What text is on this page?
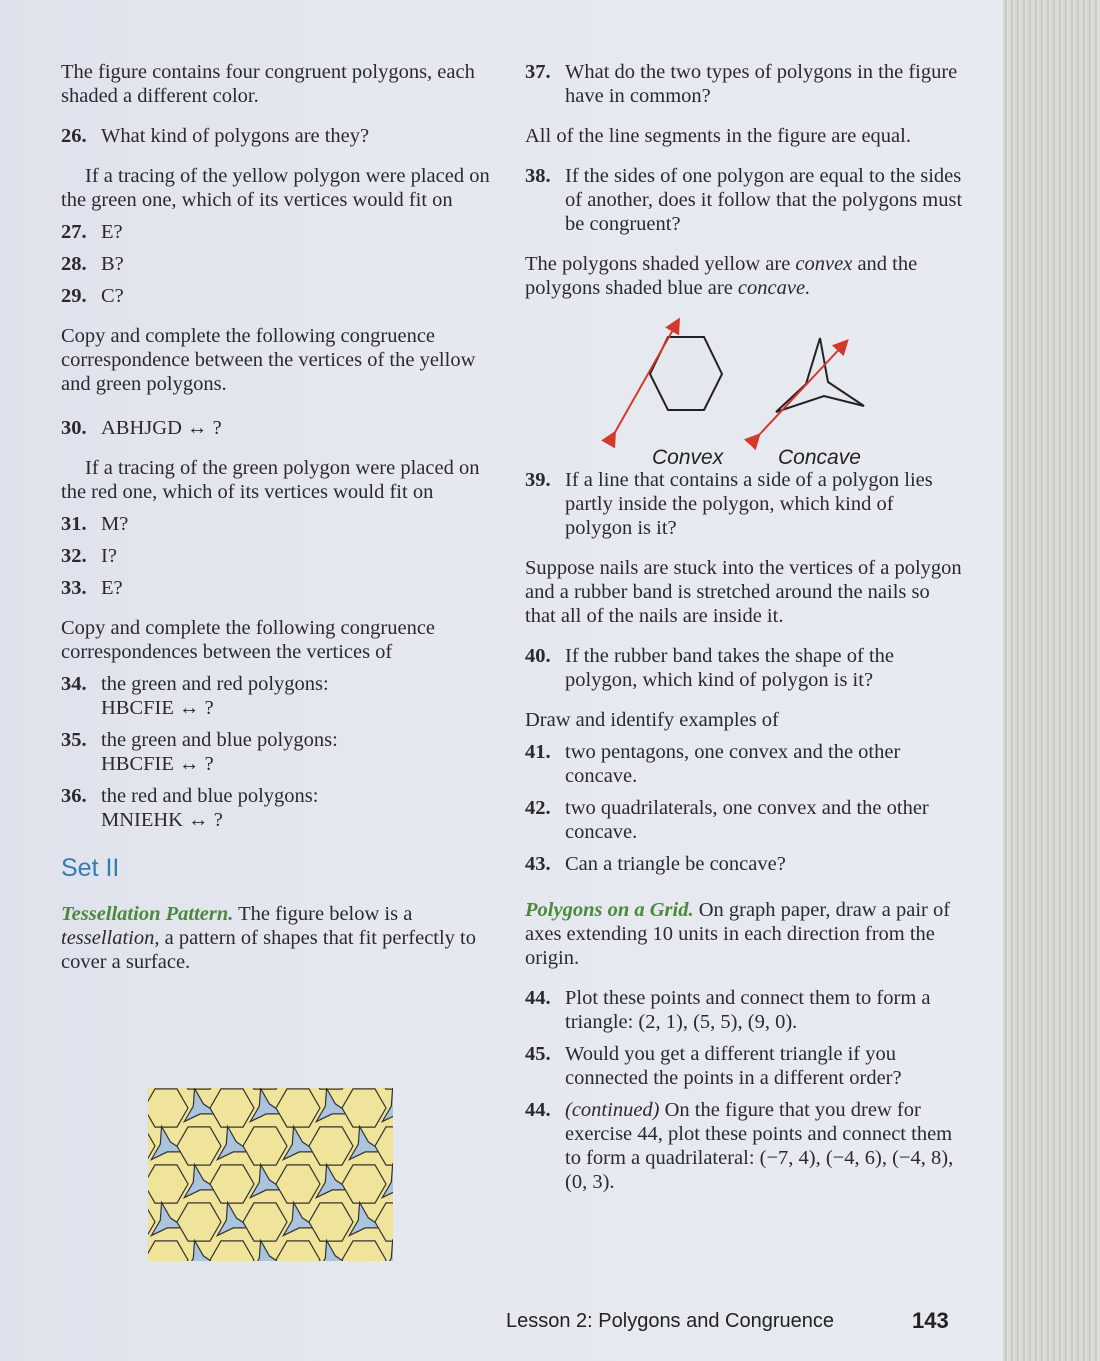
The figure contains four congruent polygons, each shaded a different color.

26. What kind of polygons are they?

If a tracing of the yellow polygon were placed on the green one, which of its vertices would fit on

27. E?
28. B?
29. C?

Copy and complete the following congruence correspondence between the vertices of the yellow and green polygons.

30. ABHJGD ↔ ?

If a tracing of the green polygon were placed on the red one, which of its vertices would fit on

31. M?
32. I?
33. E?

Copy and complete the following congruence correspondences between the vertices of

34. the green and red polygons:
HBCFIE ↔ ?
35. the green and blue polygons:
HBCFIE ↔ ?
36. the red and blue polygons:
MNIEHK ↔ ?
Set II

Tessellation Pattern. The figure below is a tessellation, a pattern of shapes that fit perfectly to cover a surface.

37. What do the two types of polygons in the figure have in common?

All of the line segments in the figure are equal.

38. If the sides of one polygon are equal to the sides of another, does it follow that the polygons must be congruent?

The polygons shaded yellow are convex and the polygons shaded blue are concave.

39. If a line that contains a side of a polygon lies partly inside the polygon, which kind of polygon is it?

Suppose nails are stuck into the vertices of a polygon and a rubber band is stretched around the nails so that all of the nails are inside it.

40. If the rubber band takes the shape of the polygon, which kind of polygon is it?

Draw and identify examples of

41. two pentagons, one convex and the other concave.
42. two quadrilaterals, one convex and the other concave.
43. Can a triangle be concave?

Polygons on a Grid. On graph paper, draw a pair of axes extending 10 units in each direction from the origin.

44. Plot these points and connect them to form a triangle: (2, 1), (5, 5), (9, 0).
45. Would you get a different triangle if you connected the points in a different order?
44. (continued) On the figure that you drew for exercise 44, plot these points and connect them to form a quadrilateral: (−7, 4), (−4, 6), (−4, 8), (0, 3).
Convex	Concave
Lesson 2: Polygons and Congruence	143
